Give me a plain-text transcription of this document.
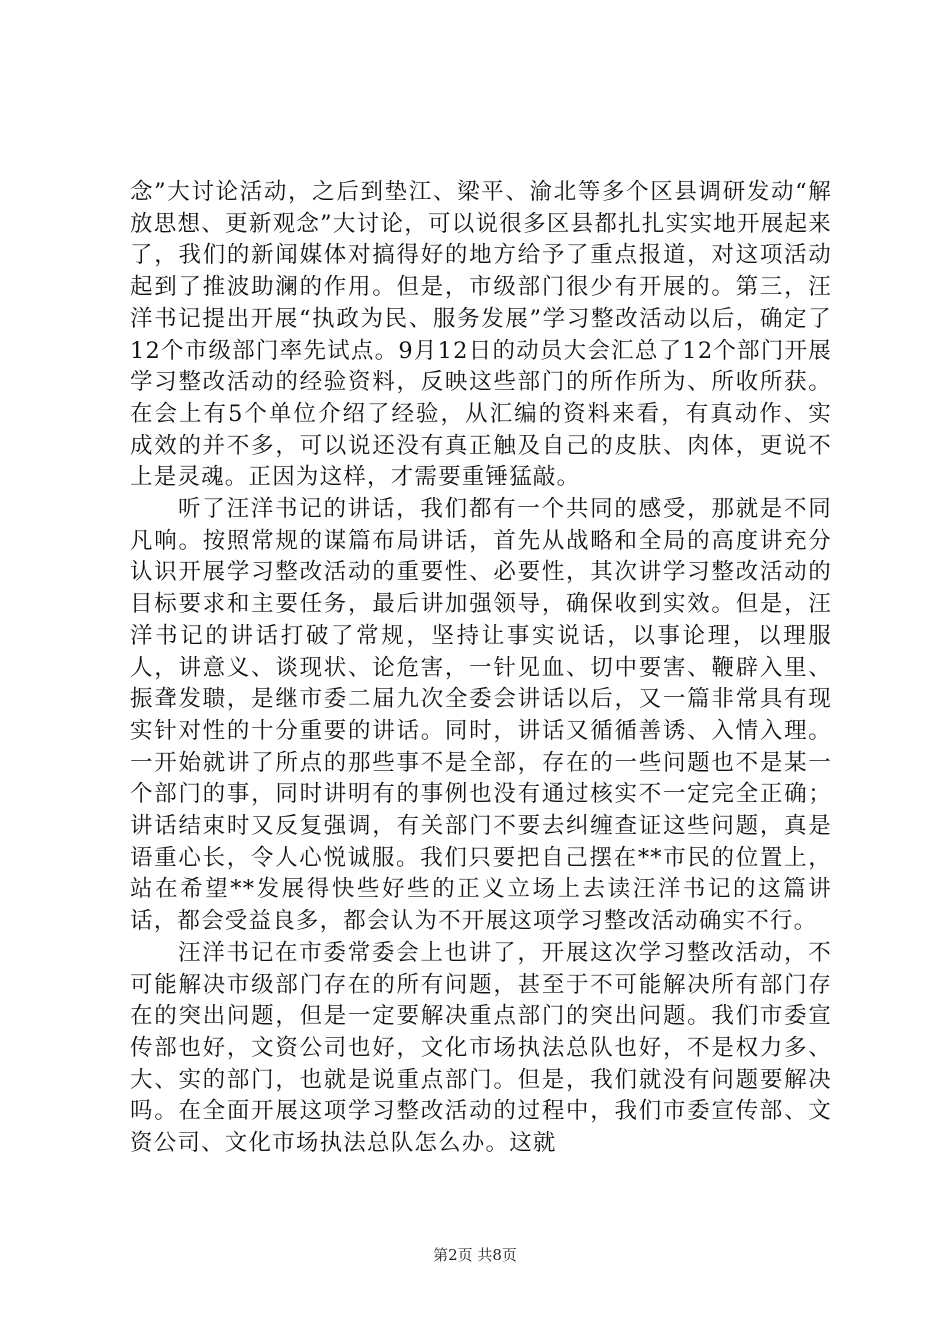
念”大讨论活动，之后到垫江、梁平、渝北等多个区县调研发动“解放思想、更新观念”大讨论，可以说很多区县都扎扎实实地开展起来了，我们的新闻媒体对搞得好的地方给予了重点报道，对这项活动起到了推波助澜的作用。但是，市级部门很少有开展的。第三，汪洋书记提出开展“执政为民、服务发展”学习整改活动以后，确定了12个市级部门率先试点。9月12日的动员大会汇总了12个部门开展学习整改活动的经验资料，反映这些部门的所作所为、所收所获。在会上有5个单位介绍了经验，从汇编的资料来看，有真动作、实成效的并不多，可以说还没有真正触及自己的皮肤、肉体，更说不上是灵魂。正因为这样，才需要重锤猛敲。

听了汪洋书记的讲话，我们都有一个共同的感受，那就是不同凡响。按照常规的谋篇布局讲话，首先从战略和全局的高度讲充分认识开展学习整改活动的重要性、必要性，其次讲学习整改活动的目标要求和主要任务，最后讲加强领导，确保收到实效。但是，汪洋书记的讲话打破了常规，坚持让事实说话，以事论理，以理服人，讲意义、谈现状、论危害，一针见血、切中要害、鞭辟入里、振聋发聩，是继市委二届九次全委会讲话以后，又一篇非常具有现实针对性的十分重要的讲话。同时，讲话又循循善诱、入情入理。一开始就讲了所点的那些事不是全部，存在的一些问题也不是某一个部门的事，同时讲明有的事例也没有通过核实不一定完全正确；讲话结束时又反复强调，有关部门不要去纠缠查证这些问题，真是语重心长，令人心悦诚服。我们只要把自己摆在**市民的位置上，站在希望**发展得快些好些的正义立场上去读汪洋书记的这篇讲话，都会受益良多，都会认为不开展这项学习整改活动确实不行。

汪洋书记在市委常委会上也讲了，开展这次学习整改活动，不可能解决市级部门存在的所有问题，甚至于不可能解决所有部门存在的突出问题，但是一定要解决重点部门的突出问题。我们市委宣传部也好，文资公司也好，文化市场执法总队也好，不是权力多、大、实的部门，也就是说重点部门。但是，我们就没有问题要解决吗。在全面开展这项学习整改活动的过程中，我们市委宣传部、文资公司、文化市场执法总队怎么办。这就

第2页 共8页
